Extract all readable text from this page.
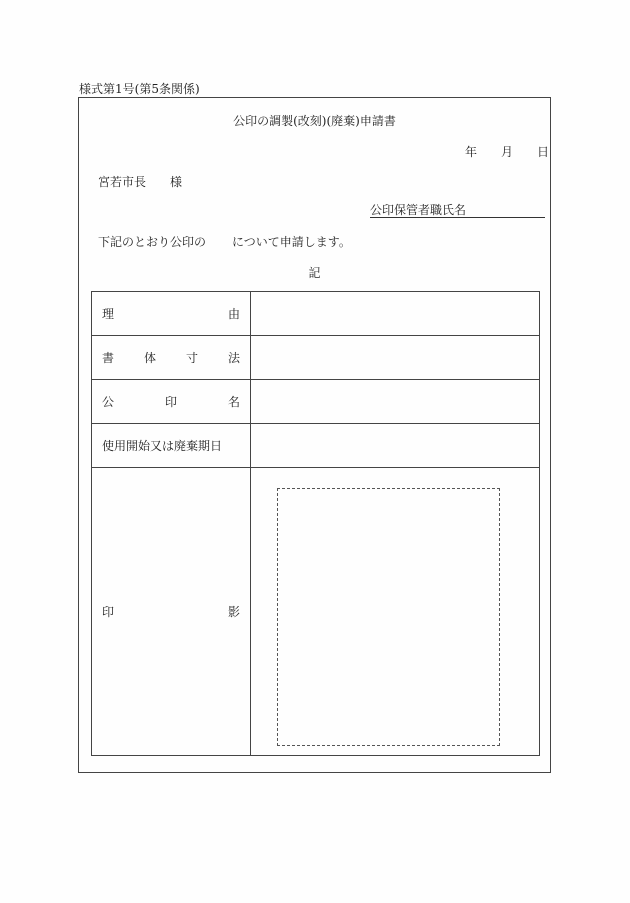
様式第1号(第5条関係)
公印の調製(改刻)(廃棄)申請書
年 月 日
宮若市長 様
公印保管者職氏名
下記のとおり公印の について申請します。
記
理 由	

書 体 寸 法	

公 印 名	

使用開始又は廃棄期日	

印 影	
